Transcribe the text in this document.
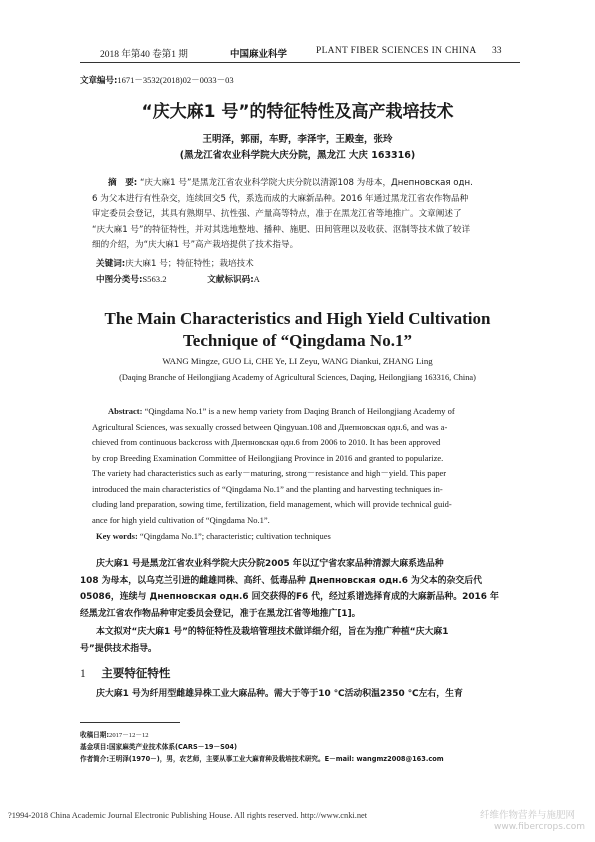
2018 年第40 卷第1 期	中国麻业科学	PLANT FIBER SCIENCES IN CHINA 33
文章编号:1671－3532(2018)02－0033－03
“庆大麻1 号”的特征特性及高产栽培技术
王明泽，郭丽，车野，李泽宇，王殿奎，张玲
(黑龙江省农业科学院大庆分院，黑龙江 大庆 163316)
摘　要: “庆大麻1 号”是黑龙江省农业科学院大庆分院以清源108 为母本，Днепновская одн.
6 为父本进行有性杂交，连续回交5 代，系选而成的大麻新品种。2016 年通过黑龙江省农作物品种
审定委员会登记，其具有熟期早、抗性强、产量高等特点，准于在黑龙江省等地推广。文章阐述了
“庆大麻1 号”的特征特性，并对其选地整地、播种、施肥、田间管理以及收获、沤制等技术做了较详
细的介绍，为“庆大麻1 号”高产栽培提供了技术指导。
关键词:庆大麻1 号；特征特性；栽培技术
中图分类号:S563.2	文献标识码:A
The Main Characteristics and High Yield Cultivation
Technique of “Qingdama No.1”
WANG Mingze, GUO Li, CHE Ye, LI Zeyu, WANG Diankui, ZHANG Ling
(Daqing Branche of Heilongjiang Academy of Agricultural Sciences, Daqing, Heilongjiang 163316, China)
Abstract: “Qingdama No.1” is a new hemp variety from Daqing Branch of Heilongjiang Academy of
Agricultural Sciences, was sexually crossed between Qingyuan.108 and Днепновская одн.6, and was a-
chieved from continuous backcross with Днепновская одн.6 from 2006 to 2010. It has been approved
by crop Breeding Examination Committee of Heilongjiang Province in 2016 and granted to popularize.
The variety had characteristics such as early－maturing, strong－resistance and high－yield. This paper
introduced the main characteristics of “Qingdama No.1” and the planting and harvesting techniques in-
cluding land preparation, sowing time, fertilization, field management, which will provide technical guid-
ance for high yield cultivation of “Qingdama No.1”.
Key words: “Qingdama No.1”; characteristic; cultivation techniques
庆大麻1 号是黑龙江省农业科学院大庆分院2005 年以辽宁省农家品种清源大麻系选品种
108 为母本，以乌克兰引进的雌雄同株、高纤、低毒品种 Днепновская одн.6 为父本的杂交后代
05086，连续与 Днепновская одн.6 回交获得的F6 代，经过系谱选择育成的大麻新品种。2016 年
经黑龙江省农作物品种审定委员会登记，准于在黑龙江省等地推广[1]。
本文拟对“庆大麻1 号”的特征特性及栽培管理技术做详细介绍，旨在为推广种植“庆大麻1
号”提供技术指导。
1 主要特征特性
庆大麻1 号为纤用型雌雄异株工业大麻品种。需大于等于10 ℃活动积温2350 ℃左右，生育
收稿日期:2017－12－12
基金项目:国家麻类产业技术体系(CARS－19－S04)
作者简介:王明泽(1970－)，男，农艺师，主要从事工业大麻育种及栽培技术研究。E－mail: wangmz2008@163.com
?1994-2018 China Academic Journal Electronic Publishing House. All rights reserved. http://www.cnki.net	纤维作物营养与施肥网
www.fibercrops.com
